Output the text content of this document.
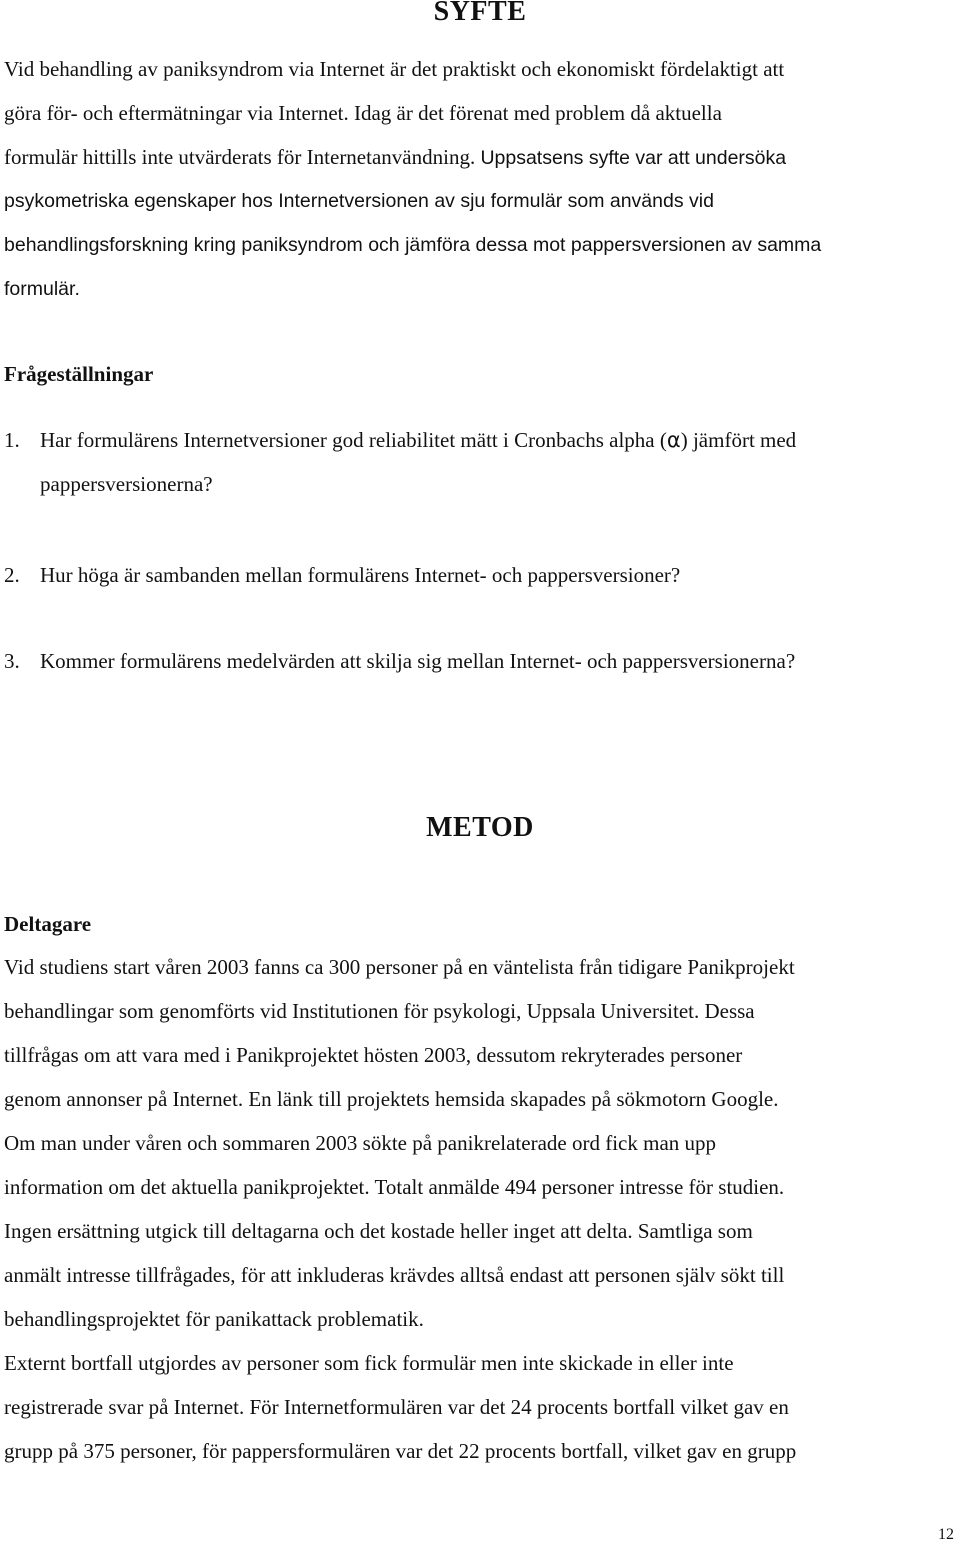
SYFTE
Vid behandling av paniksyndrom via Internet är det praktiskt och ekonomiskt fördelaktigt att
göra för- och eftermätningar via Internet. Idag är det förenat med problem då aktuella
formulär hittills inte utvärderats för Internetanvändning. Uppsatsens syfte var att undersöka
psykometriska egenskaper hos Internetversionen av sju formulär som används vid
behandlingsforskning kring paniksyndrom och jämföra dessa mot pappersversionen av samma
formulär.
Frågeställningar
1. Har formulärens Internetversioner god reliabilitet mätt i Cronbachs alpha (α) jämfört med
pappersversionerna?
2. Hur höga är sambanden mellan formulärens Internet- och pappersversioner?
3. Kommer formulärens medelvärden att skilja sig mellan Internet- och pappersversionerna?
METOD
Deltagare
Vid studiens start våren 2003 fanns ca 300 personer på en väntelista från tidigare Panikprojekt
behandlingar som genomförts vid Institutionen för psykologi, Uppsala Universitet. Dessa
tillfrågas om att vara med i Panikprojektet hösten 2003, dessutom rekryterades personer
genom annonser på Internet. En länk till projektets hemsida skapades på sökmotorn Google.
Om man under våren och sommaren 2003 sökte på panikrelaterade ord fick man upp
information om det aktuella panikprojektet. Totalt anmälde 494 personer intresse för studien.
Ingen ersättning utgick till deltagarna och det kostade heller inget att delta. Samtliga som
anmält intresse tillfrågades, för att inkluderas krävdes alltså endast att personen själv sökt till
behandlingsprojektet för panikattack problematik.
Externt bortfall utgjordes av personer som fick formulär men inte skickade in eller inte
registrerade svar på Internet. För Internetformulären var det 24 procents bortfall vilket gav en
grupp på 375 personer, för pappersformulären var det 22 procents bortfall, vilket gav en grupp
12
